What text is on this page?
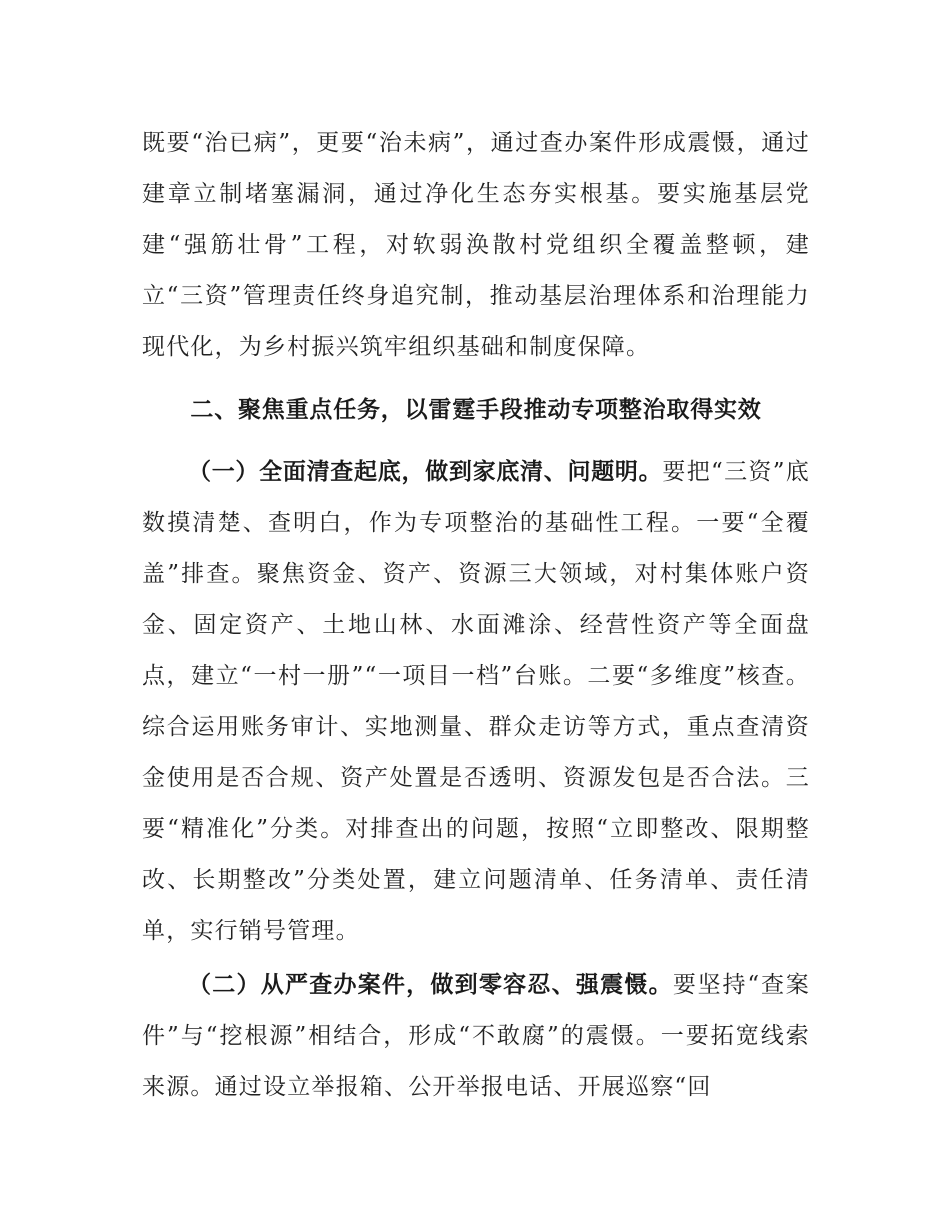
既要“治已病”，更要“治未病”，通过查办案件形成震慑，通过建章立制堵塞漏洞，通过净化生态夯实根基。要实施基层党建“强筋壮骨”工程，对软弱涣散村党组织全覆盖整顿，建立“三资”管理责任终身追究制，推动基层治理体系和治理能力现代化，为乡村振兴筑牢组织基础和制度保障。

二、聚焦重点任务，以雷霆手段推动专项整治取得实效

（一）全面清查起底，做到家底清、问题明。要把“三资”底数摸清楚、查明白，作为专项整治的基础性工程。一要“全覆盖”排查。聚焦资金、资产、资源三大领域，对村集体账户资金、固定资产、土地山林、水面滩涂、经营性资产等全面盘点，建立“一村一册”“一项目一档”台账。二要“多维度”核查。综合运用账务审计、实地测量、群众走访等方式，重点查清资金使用是否合规、资产处置是否透明、资源发包是否合法。三要“精准化”分类。对排查出的问题，按照“立即整改、限期整改、长期整改”分类处置，建立问题清单、任务清单、责任清单，实行销号管理。

（二）从严查办案件，做到零容忍、强震慑。要坚持“查案件”与“挖根源”相结合，形成“不敢腐”的震慑。一要拓宽线索来源。通过设立举报箱、公开举报电话、开展巡察“回
